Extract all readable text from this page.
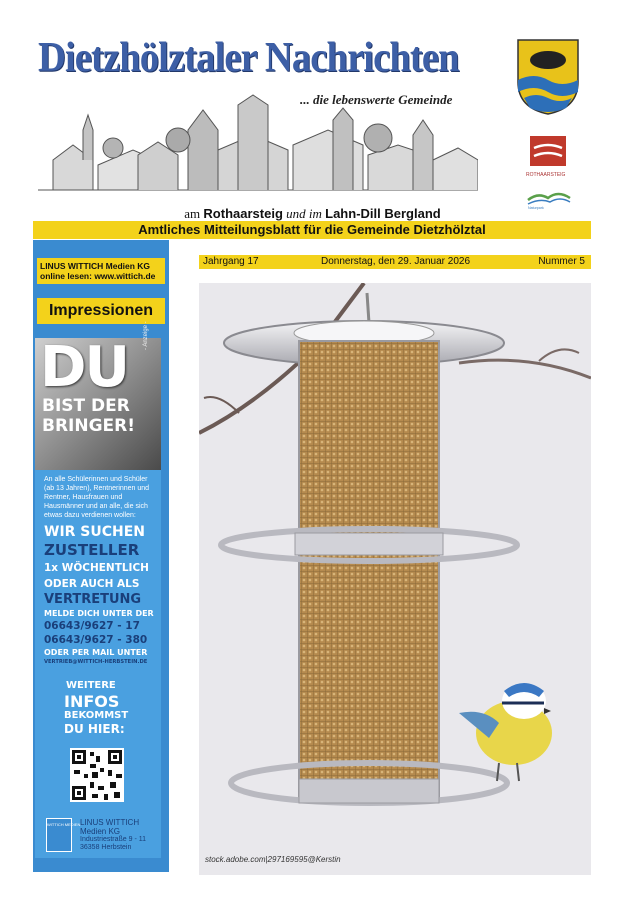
Dietzhölztaler Nachrichten
... die lebenswerte Gemeinde
ROTHAARSTEIG
Naturpark
am Rothaarsteig und im Lahn-Dill Bergland
Amtliches Mitteilungsblatt für die Gemeinde Dietzhölztal
LINUS WITTICH Medien KG
online lesen: www.wittich.de
Impressionen
DU	- Anzeige -
BIST DER
BRINGER!
An alle Schülerinnen und Schüler (ab 13 Jahren), Rentnerinnen und Rentner, Hausfrauen und Hausmänner und an alle, die sich etwas dazu verdienen wollen:
WIR SUCHEN
ZUSTELLER
1x WÖCHENTLICH
ODER AUCH ALS
VERTRETUNG
MELDE DICH UNTER DER
06643/9627 - 17
06643/9627 - 380
ODER PER MAIL UNTER
VERTRIEB@WITTICH-HERBSTEIN.DE
WEITERE
INFOS
BEKOMMST
DU HIER:
WITTICH MEDIEN LINUS WITTICH
Medien KG
Industriestraße 9 - 11
36358 Herbstein
Jahrgang 17	Donnerstag, den 29. Januar 2026	Nummer 5
stock.adobe.com|297169595@Kerstin
